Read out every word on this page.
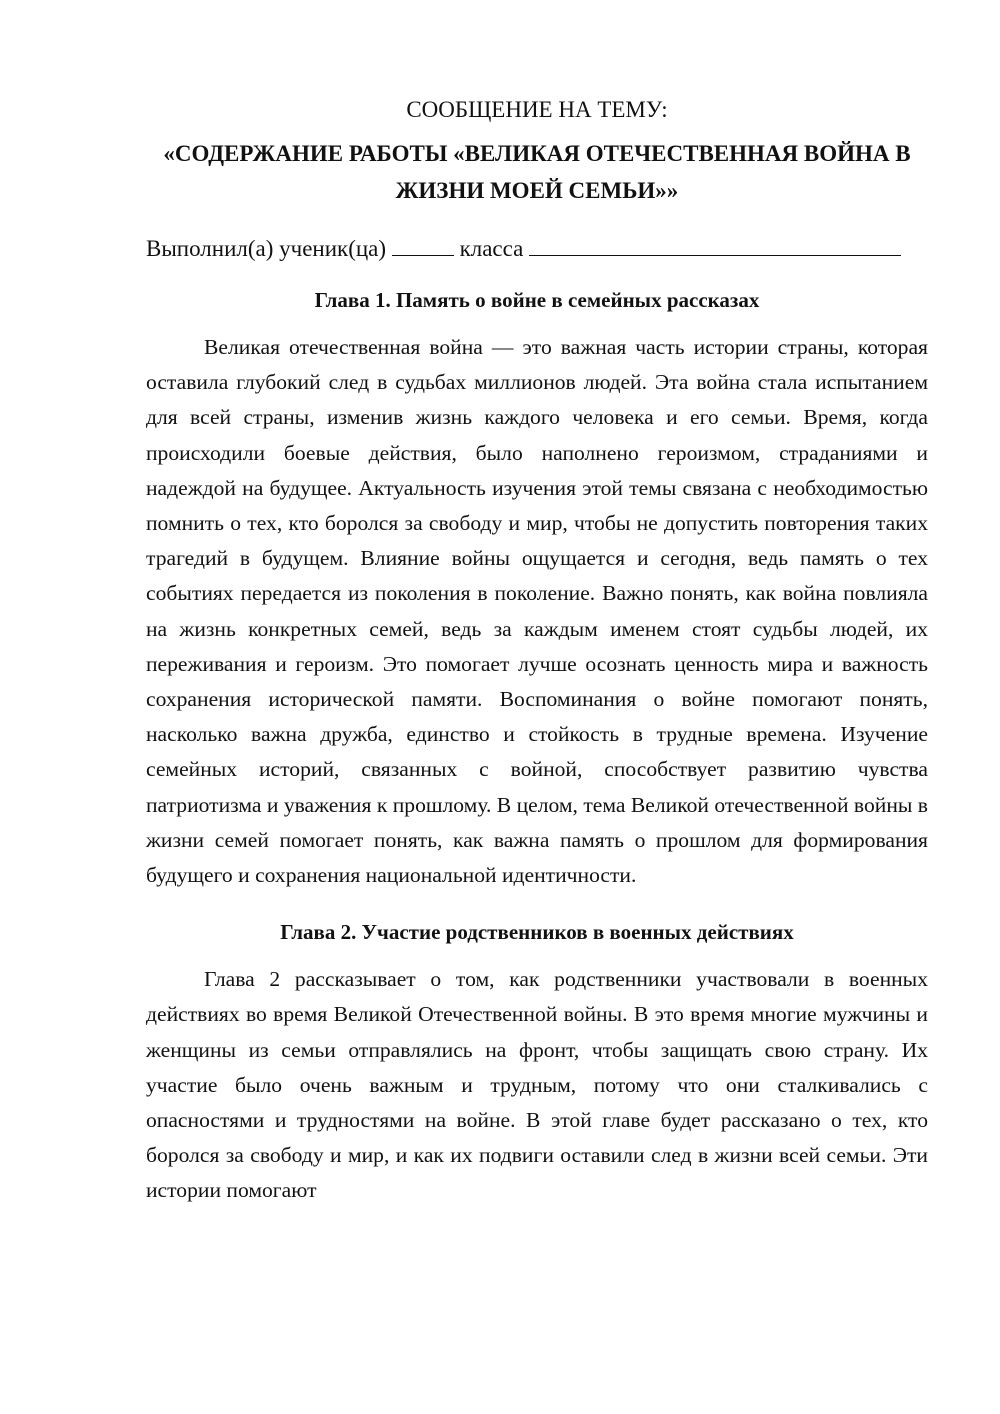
СООБЩЕНИЕ НА ТЕМУ:

«СОДЕРЖАНИЕ РАБОТЫ «ВЕЛИКАЯ ОТЕЧЕСТВЕННАЯ ВОЙНА В ЖИЗНИ МОЕЙ СЕМЬИ»»

Выполнил(а) ученик(ца)	класса

Глава 1. Память о войне в семейных рассказах

Великая отечественная война — это важная часть истории страны, которая оставила глубокий след в судьбах миллионов людей. Эта война стала испытанием для всей страны, изменив жизнь каждого человека и его семьи. Время, когда происходили боевые действия, было наполнено героизмом, страданиями и надеждой на будущее. Актуальность изучения этой темы связана с необходимостью помнить о тех, кто боролся за свободу и мир, чтобы не допустить повторения таких трагедий в будущем. Влияние войны ощущается и сегодня, ведь память о тех событиях передается из поколения в поколение. Важно понять, как война повлияла на жизнь конкретных семей, ведь за каждым именем стоят судьбы людей, их переживания и героизм. Это помогает лучше осознать ценность мира и важность сохранения исторической памяти. Воспоминания о войне помогают понять, насколько важна дружба, единство и стойкость в трудные времена. Изучение семейных историй, связанных с войной, способствует развитию чувства патриотизма и уважения к прошлому. В целом, тема Великой отечественной войны в жизни семей помогает понять, как важна память о прошлом для формирования будущего и сохранения национальной идентичности.

Глава 2. Участие родственников в военных действиях

Глава 2 рассказывает о том, как родственники участвовали в военных действиях во время Великой Отечественной войны. В это время многие мужчины и женщины из семьи отправлялись на фронт, чтобы защищать свою страну. Их участие было очень важным и трудным, потому что они сталкивались с опасностями и трудностями на войне. В этой главе будет рассказано о тех, кто боролся за свободу и мир, и как их подвиги оставили след в жизни всей семьи. Эти истории помогают
